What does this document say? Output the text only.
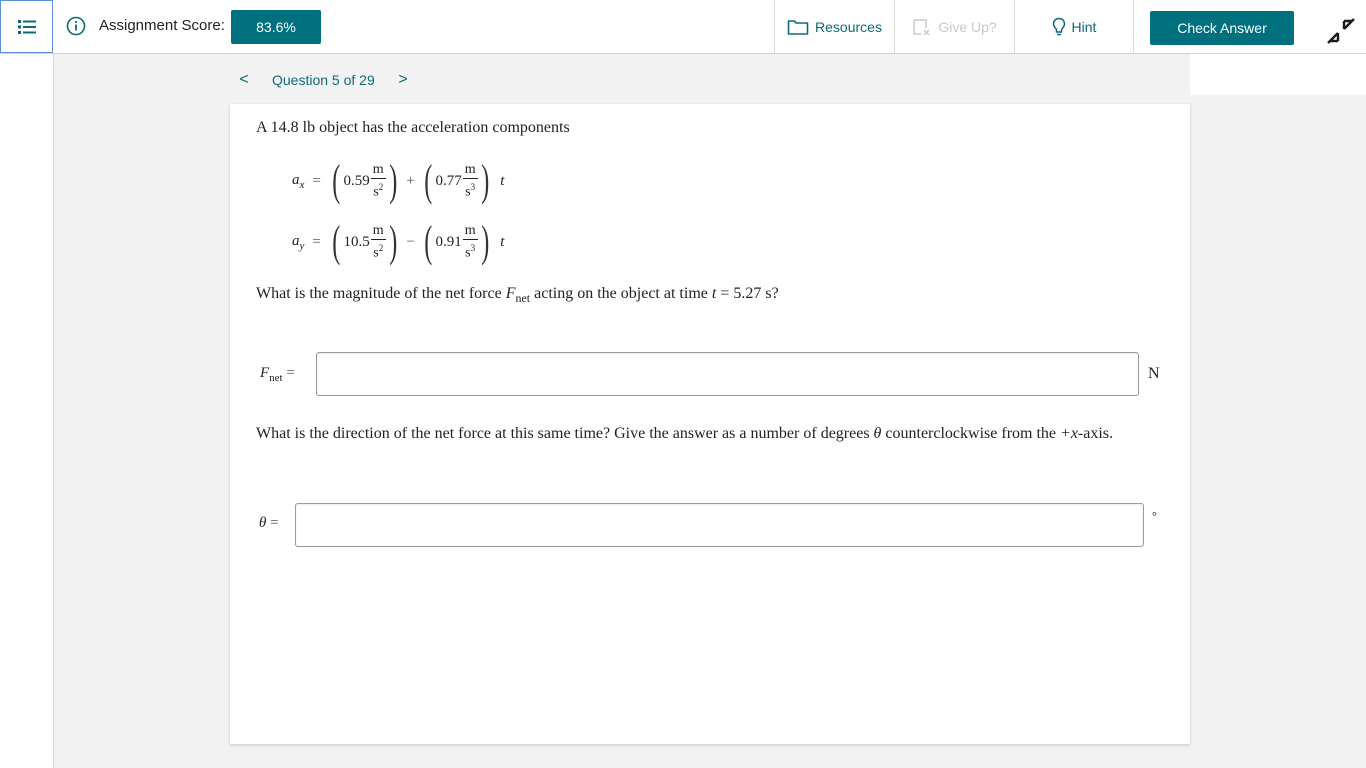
Assignment Score:	83.6%	Resources	Give Up?	Hint	Check Answer
< Question 5 of 29 >
A 14.8 lb object has the acceleration components
$a_x$ = ( $0.59 \frac{m}{s^2}$ ) + ( $0.77 \frac{m}{s^3}$ ) t
$a_y$ = ( $10.5 \frac{m}{s^2}$ ) − ( $0.91 \frac{m}{s^3}$ ) t
What is the magnitude of the net force $F_{net}$ acting on the object at time t = 5.27 s?
$F_{net}$ =	N
What is the direction of the net force at this same time? Give the answer as a number of degrees θ counterclockwise from the +x-axis.
θ =	°
